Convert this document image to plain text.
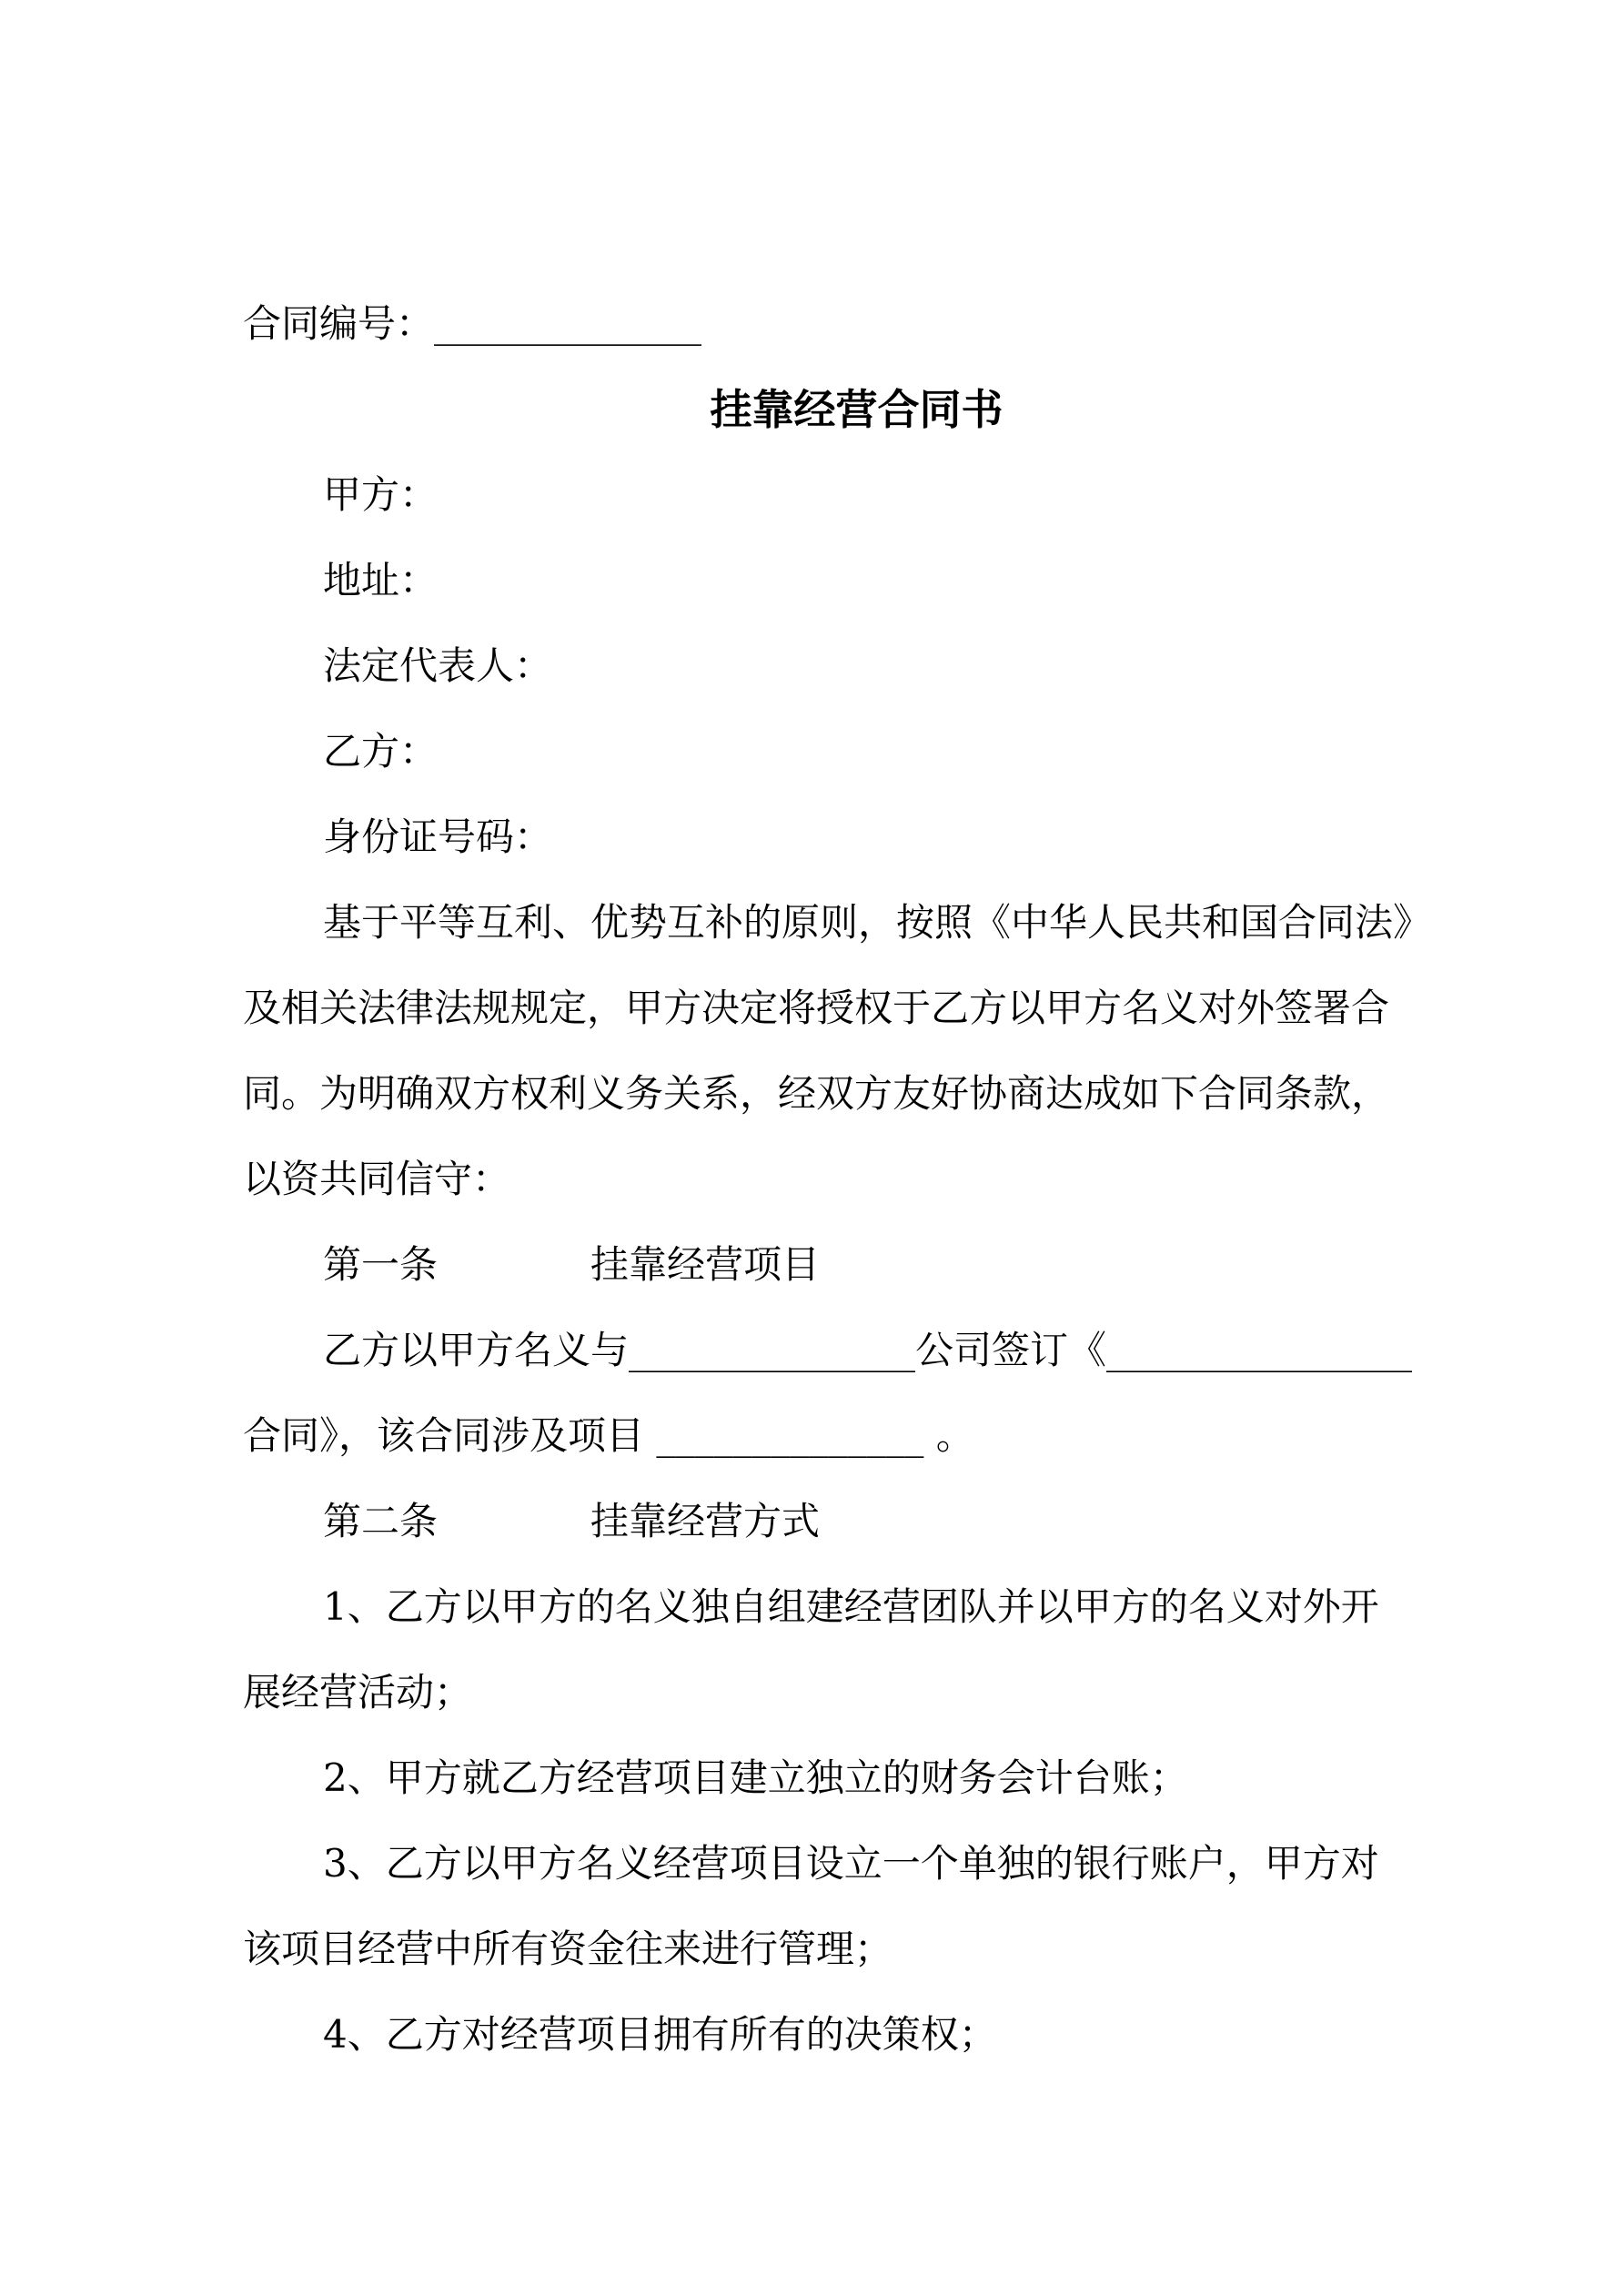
合同编号：______________
挂靠经营合同书
甲方：
地址：
法定代表人：
乙方：
身份证号码：
基于平等互利、优势互补的原则，按照《中华人民共和国合同法》
及相关法律法规规定，甲方决定将授权于乙方以甲方名义对外签署合
同。为明确双方权利义务关系，经双方友好协商达成如下合同条款，
以资共同信守：
第一条　　　　挂靠经营项目
乙方以甲方名义与_______________公司签订《________________
合同》，该合同涉及项目 ______________ 。
第二条　　　　挂靠经营方式
1、乙方以甲方的名义独自组建经营团队并以甲方的名义对外开
展经营活动；
2、甲方就乙方经营项目建立独立的财务会计台账；
3、乙方以甲方名义经营项目设立一个单独的银行账户，甲方对
该项目经营中所有资金往来进行管理；
4、乙方对经营项目拥有所有的决策权；
